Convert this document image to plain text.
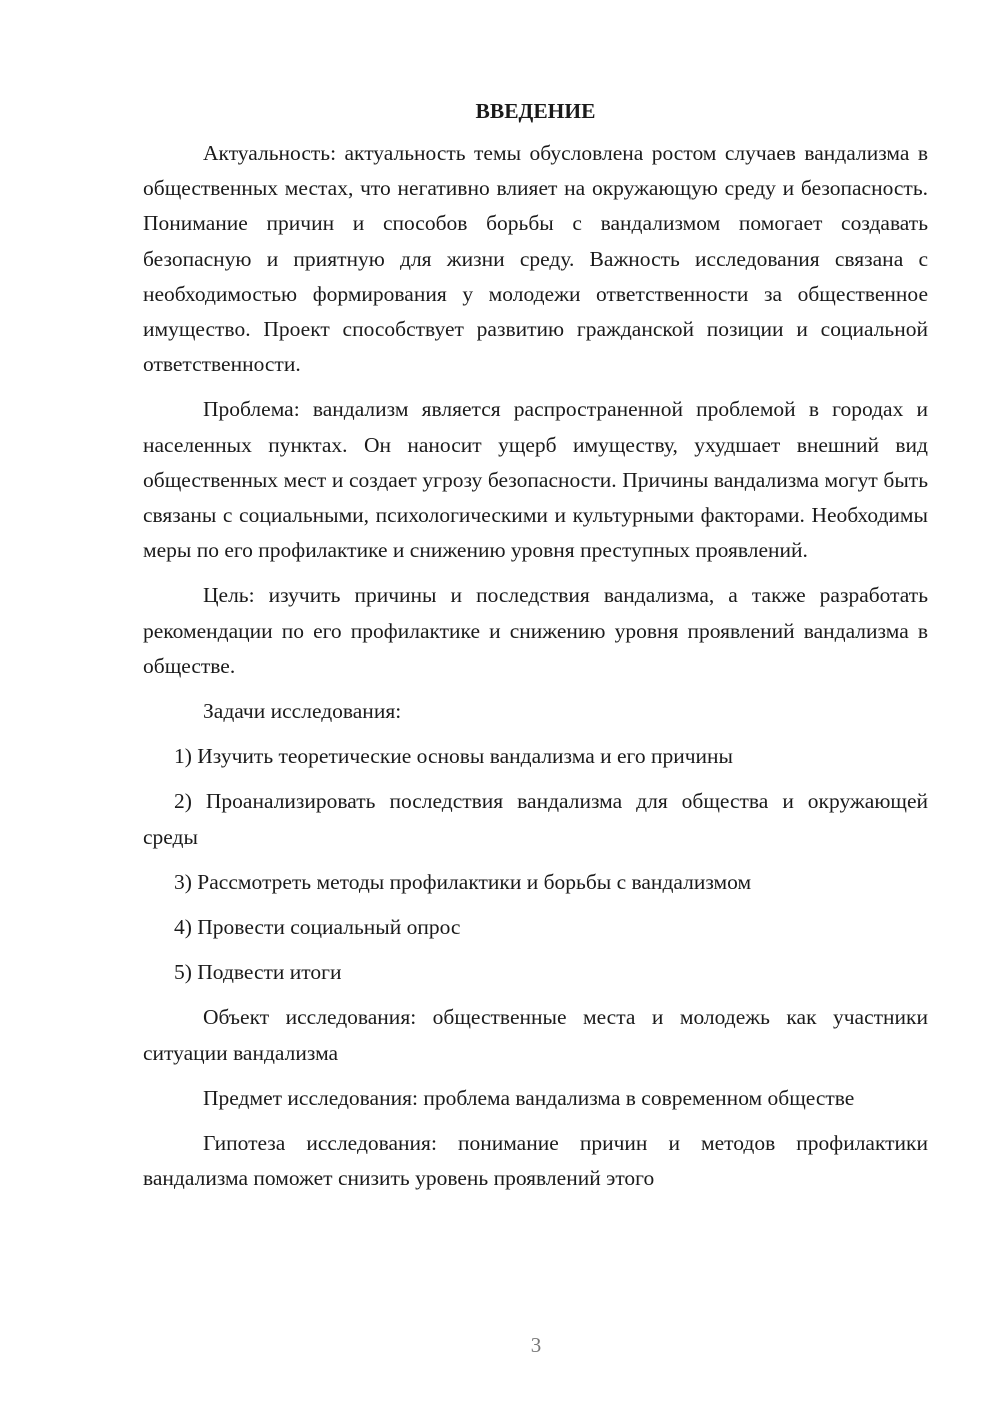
ВВЕДЕНИЕ

Актуальность: актуальность темы обусловлена ростом случаев вандализма в общественных местах, что негативно влияет на окружающую среду и безопасность. Понимание причин и способов борьбы с вандализмом помогает создавать безопасную и приятную для жизни среду. Важность исследования связана с необходимостью формирования у молодежи ответственности за общественное имущество. Проект способствует развитию гражданской позиции и социальной ответственности.

Проблема: вандализм является распространенной проблемой в городах и населенных пунктах. Он наносит ущерб имуществу, ухудшает внешний вид общественных мест и создает угрозу безопасности. Причины вандализма могут быть связаны с социальными, психологическими и культурными факторами. Необходимы меры по его профилактике и снижению уровня преступных проявлений.

Цель: изучить причины и последствия вандализма, а также разработать рекомендации по его профилактике и снижению уровня проявлений вандализма в обществе.

Задачи исследования:

1) Изучить теоретические основы вандализма и его причины

2) Проанализировать последствия вандализма для общества и окружающей среды

3) Рассмотреть методы профилактики и борьбы с вандализмом

4) Провести социальный опрос

5) Подвести итоги

Объект исследования: общественные места и молодежь как участники ситуации вандализма

Предмет исследования: проблема вандализма в современном обществе

Гипотеза исследования: понимание причин и методов профилактики вандализма поможет снизить уровень проявлений этого

3
